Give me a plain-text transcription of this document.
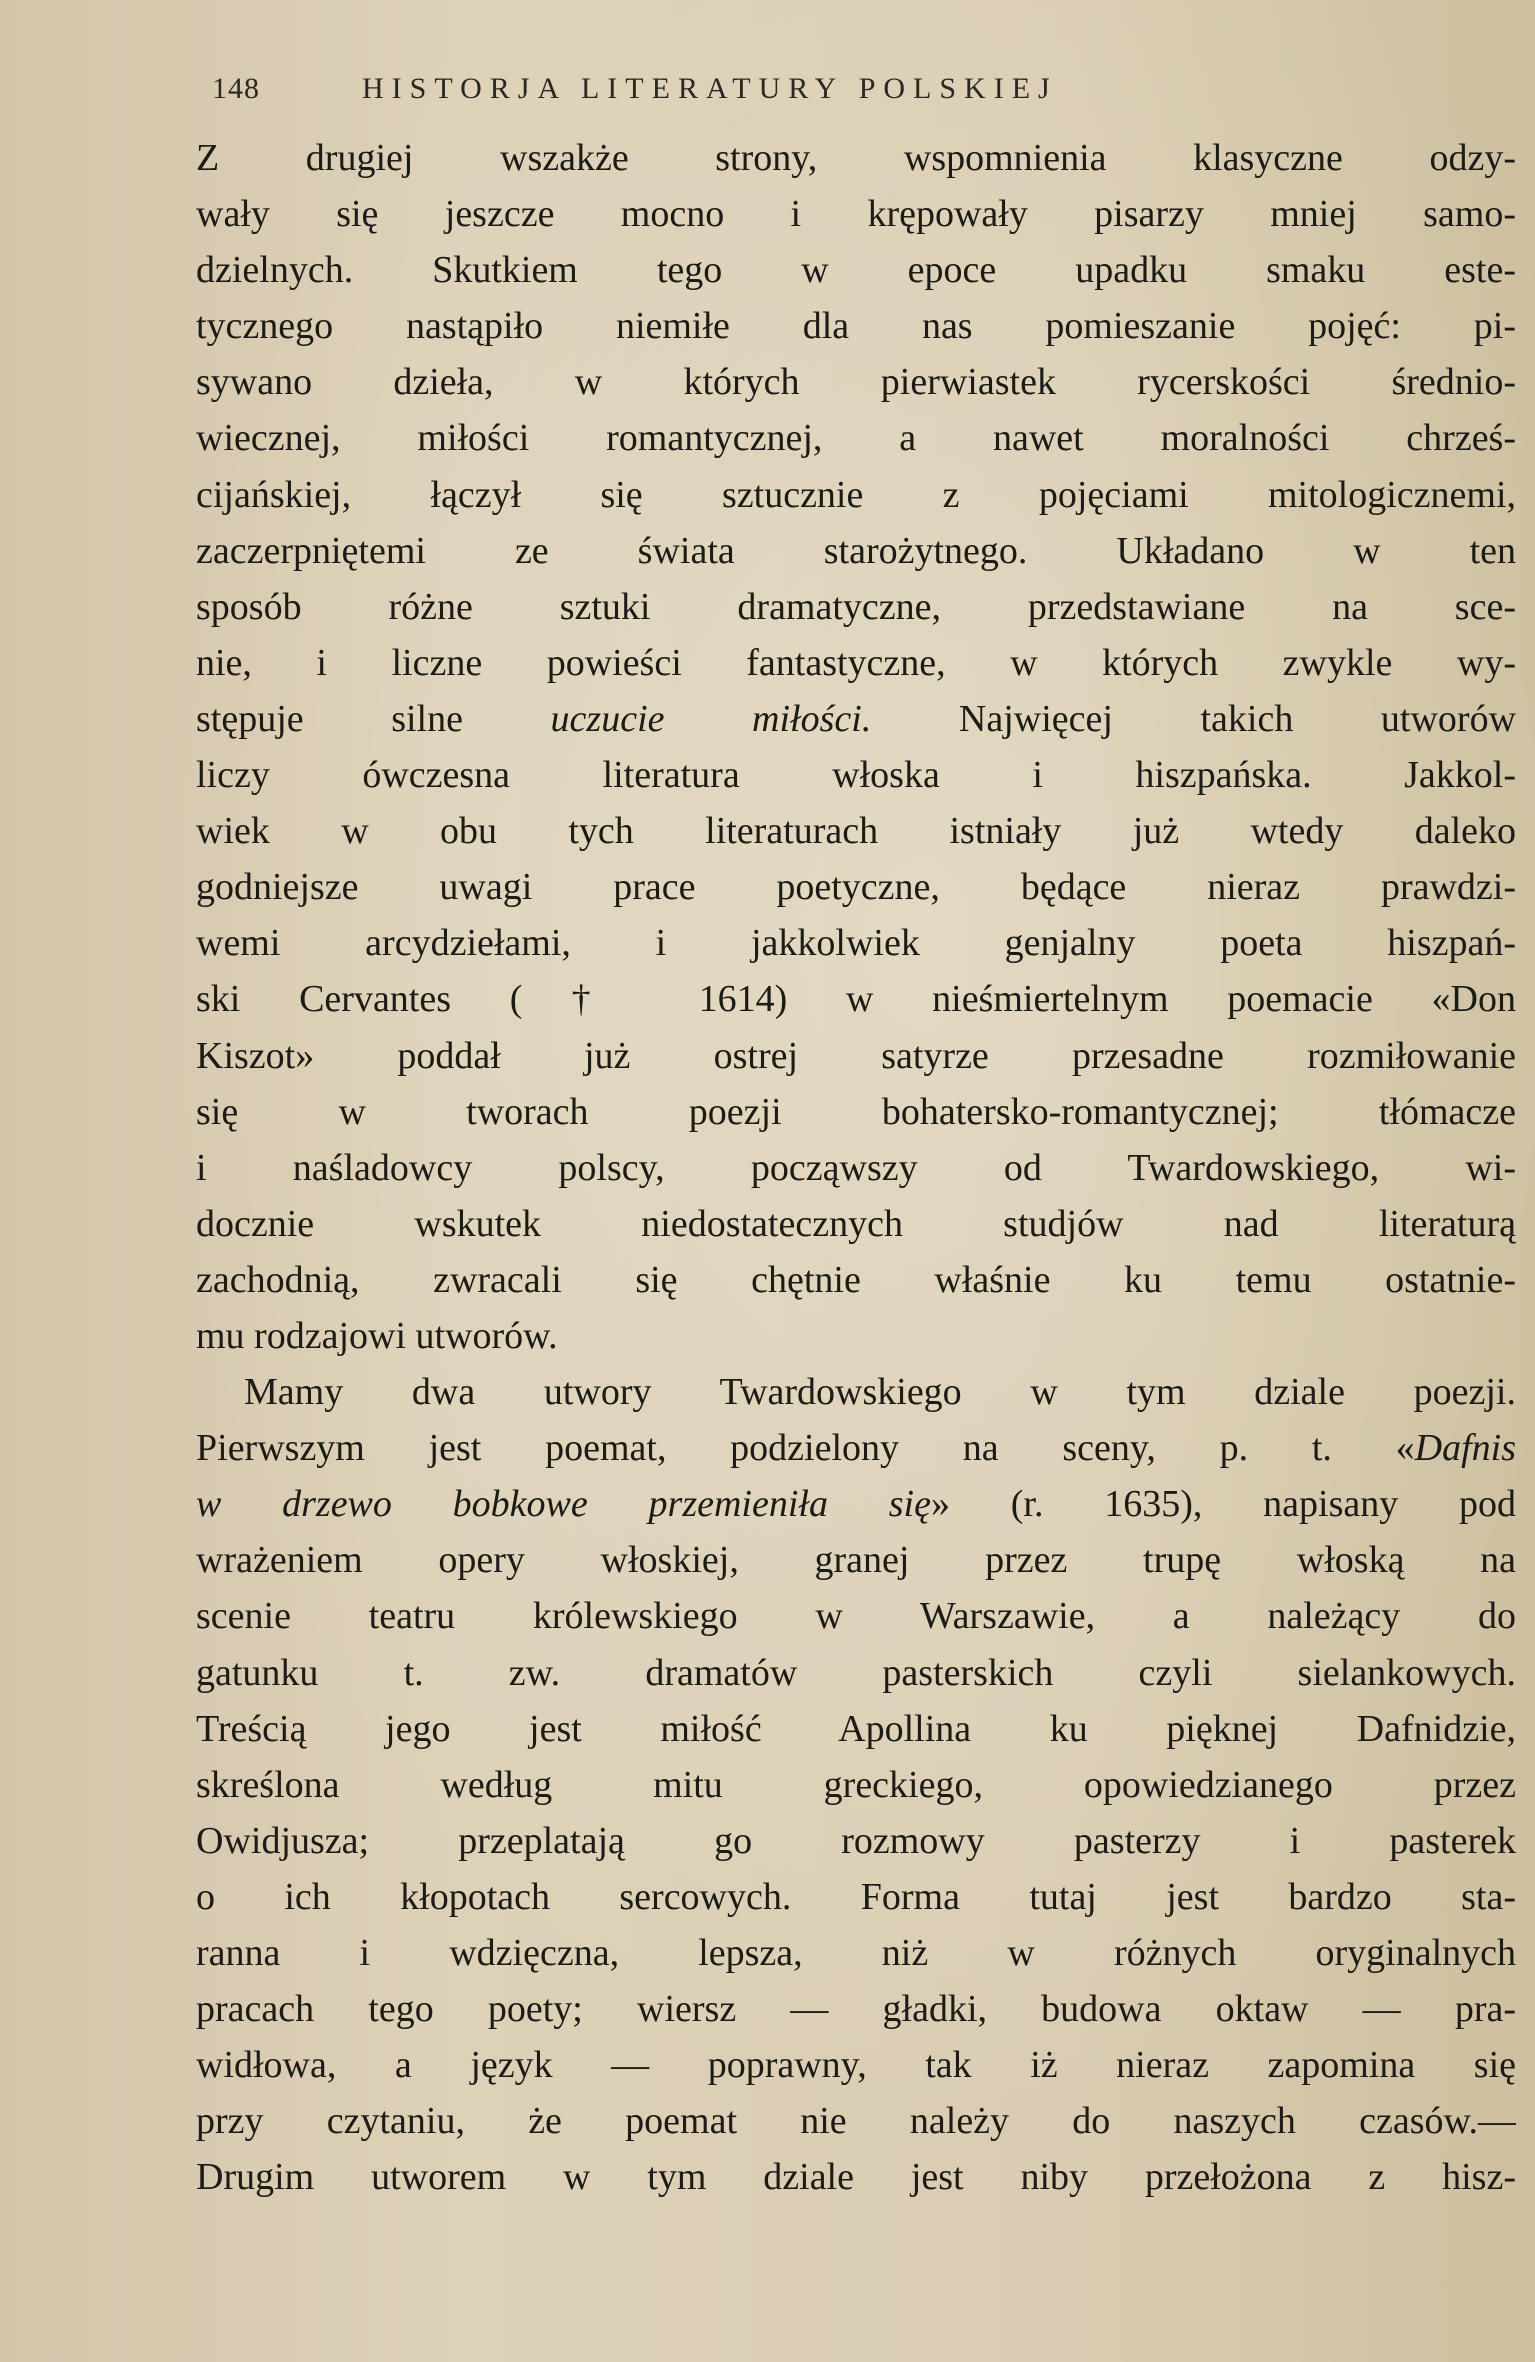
148	HISTORJA LITERATURY POLSKIEJ
Z drugiej wszakże strony, wspomnienia klasyczne odzy-
wały się jeszcze mocno i krępowały pisarzy mniej samo-
dzielnych. Skutkiem tego w epoce upadku smaku este-
tycznego nastąpiło niemiłe dla nas pomieszanie pojęć: pi-
sywano dzieła, w których pierwiastek rycerskości średnio-
wiecznej, miłości romantycznej, a nawet moralności chrześ-
cijańskiej, łączył się sztucznie z pojęciami mitologicznemi,
zaczerpniętemi ze świata starożytnego. Układano w ten
sposób różne sztuki dramatyczne, przedstawiane na sce-
nie, i liczne powieści fantastyczne, w których zwykle wy-
stępuje silne uczucie miłości. Najwięcej takich utworów
liczy ówczesna literatura włoska i hiszpańska. Jakkol-
wiek w obu tych literaturach istniały już wtedy daleko
godniejsze uwagi prace poetyczne, będące nieraz prawdzi-
wemi arcydziełami, i jakkolwiek genjalny poeta hiszpań-
ski Cervantes († 1614) w nieśmiertelnym poemacie «Don
Kiszot» poddał już ostrej satyrze przesadne rozmiłowanie
się w tworach poezji bohatersko-romantycznej; tłómacze
i naśladowcy polscy, począwszy od Twardowskiego, wi-
docznie wskutek niedostatecznych studjów nad literaturą
zachodnią, zwracali się chętnie właśnie ku temu ostatnie-
mu rodzajowi utworów.
Mamy dwa utwory Twardowskiego w tym dziale poezji.
Pierwszym jest poemat, podzielony na sceny, p. t. «Dafnis
w drzewo bobkowe przemieniła się» (r. 1635), napisany pod
wrażeniem opery włoskiej, granej przez trupę włoską na
scenie teatru królewskiego w Warszawie, a należący do
gatunku t. zw. dramatów pasterskich czyli sielankowych.
Treścią jego jest miłość Apollina ku pięknej Dafnidzie,
skreślona według mitu greckiego, opowiedzianego przez
Owidjusza; przeplatają go rozmowy pasterzy i pasterek
o ich kłopotach sercowych. Forma tutaj jest bardzo sta-
ranna i wdzięczna, lepsza, niż w różnych oryginalnych
pracach tego poety; wiersz — gładki, budowa oktaw — pra-
widłowa, a język — poprawny, tak iż nieraz zapomina się
przy czytaniu, że poemat nie należy do naszych czasów.—
Drugim utworem w tym dziale jest niby przełożona z hisz-
